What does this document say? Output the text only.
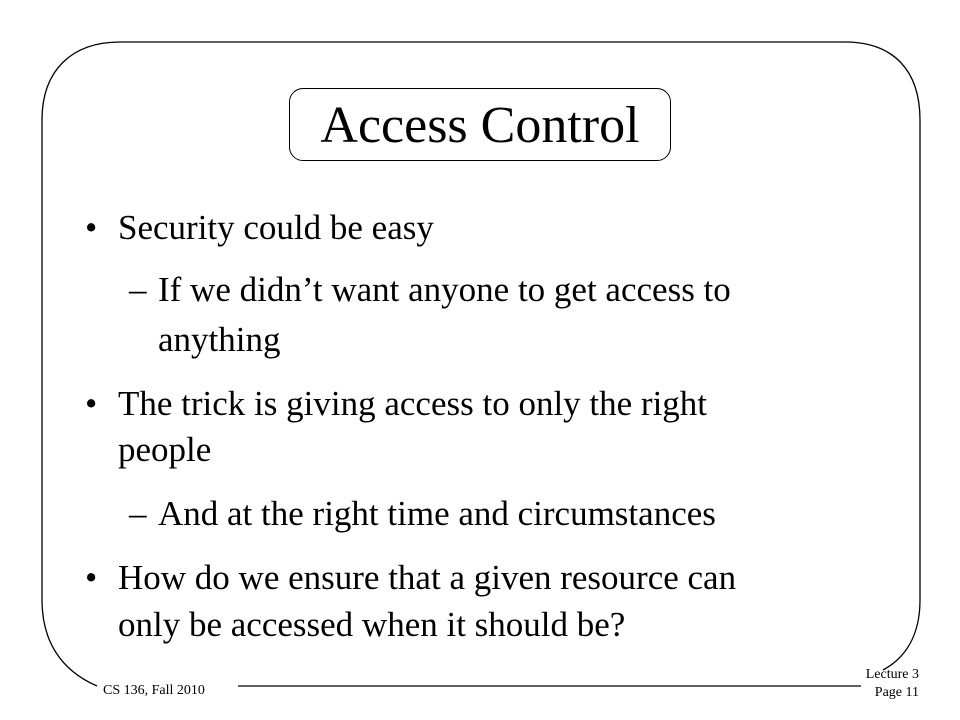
Access Control
• Security could be easy
– If we didn’t want anyone to get access to
anything
• The trick is giving access to only the right
people
– And at the right time and circumstances
• How do we ensure that a given resource can
only be accessed when it should be?
CS 136, Fall 2010
Lecture 3
Page 11
